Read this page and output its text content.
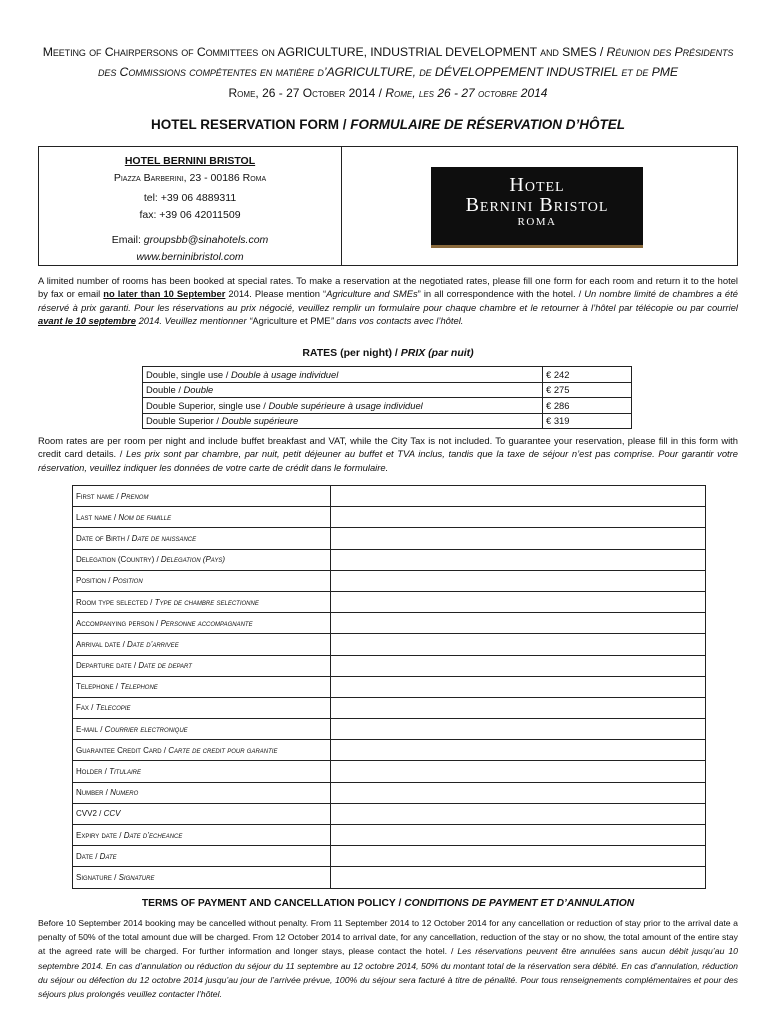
Meeting of Chairpersons of Committees on AGRICULTURE, INDUSTRIAL DEVELOPMENT and SMES / Réunion des Présidents des Commissions compétentes en matière d’AGRICULTURE, de DÉVELOPPEMENT INDUSTRIEL et de PME
Rome, 26 - 27 October 2014 / Rome, les 26 - 27 octobre 2014
HOTEL RESERVATION FORM / FORMULAIRE DE RÉSERVATION D’HÔTEL
HOTEL BERNINI BRISTOL
Piazza Barberini, 23 - 00186 Roma
tel: +39 06 4889311
fax: +39 06 42011509
Email: groupsbb@sinahotels.com
www.berninibristol.com
Hotel
Bernini Bristol
ROMA
A limited number of rooms has been booked at special rates. To make a reservation at the negotiated rates, please fill one form for each room and return it to the hotel by fax or email no later than 10 September 2014. Please mention “Agriculture and SMEs” in all correspondence with the hotel. / Un nombre limité de chambres a été réservé à prix garanti. Pour les réservations au prix négocié, veuillez remplir un formulaire pour chaque chambre et le retourner à l’hôtel par télécopie ou par courriel avant le 10 septembre 2014. Veuillez mentionner “Agriculture et PME” dans vos contacts avec l’hôtel.
RATES (per night) / PRIX (par nuit)
Double, single use / Double à usage individuel	€ 242
Double / Double	€ 275
Double Superior, single use / Double supérieure à usage individuel	€ 286
Double Superior / Double supérieure	€ 319
Room rates are per room per night and include buffet breakfast and VAT, while the City Tax is not included. To guarantee your reservation, please fill in this form with credit card details. / Les prix sont par chambre, par nuit, petit déjeuner au buffet et TVA inclus, tandis que la taxe de séjour n’est pas comprise. Pour garantir votre réservation, veuillez indiquer les données de votre carte de crédit dans le formulaire.
First name / Prenom	
Last name / Nom de famille	
Date of Birth / Date de naissance	
Delegation (Country) / Delegation (Pays)	
Position / Position	
Room type selected / Type de chambre selectionne	
Accompanying person / Personne accompagnante	
Arrival date / Date d’arrivee	
Departure date / Date de depart	
Telephone / Telephone	
Fax / Telecopie	
E-mail / Courrier electronique	
Guarantee Credit Card / Carte de credit pour garantie	
Holder / Titulaire	
Number / Numero	
CVV2 / CCV	
Expiry date / Date d’echeance	
Date / Date	
Signature / Signature	
TERMS OF PAYMENT AND CANCELLATION POLICY / CONDITIONS DE PAYMENT ET D’ANNULATION
Before 10 September 2014 booking may be cancelled without penalty. From 11 September 2014 to 12 October 2014 for any cancellation or reduction of stay prior to the arrival date a penalty of 50% of the total amount due will be charged. From 12 October 2014 to arrival date, for any cancellation, reduction of the stay or no show, the total amount of the entire stay at the agreed rate will be charged. For further information and longer stays, please contact the hotel. / Les réservations peuvent être annulées sans aucun débit jusqu’au 10 septembre 2014. En cas d’annulation ou réduction du séjour du 11 septembre au 12 octobre 2014, 50% du montant total de la réservation sera débité. En cas d’annulation, réduction du séjour ou défection du 12 octobre 2014 jusqu’au jour de l’arrivée prévue, 100% du séjour sera facturé à titre de pénalité. Pour tous renseignements complémentaires et pour des séjours plus prolongés veuillez contacter l’hôtel.
